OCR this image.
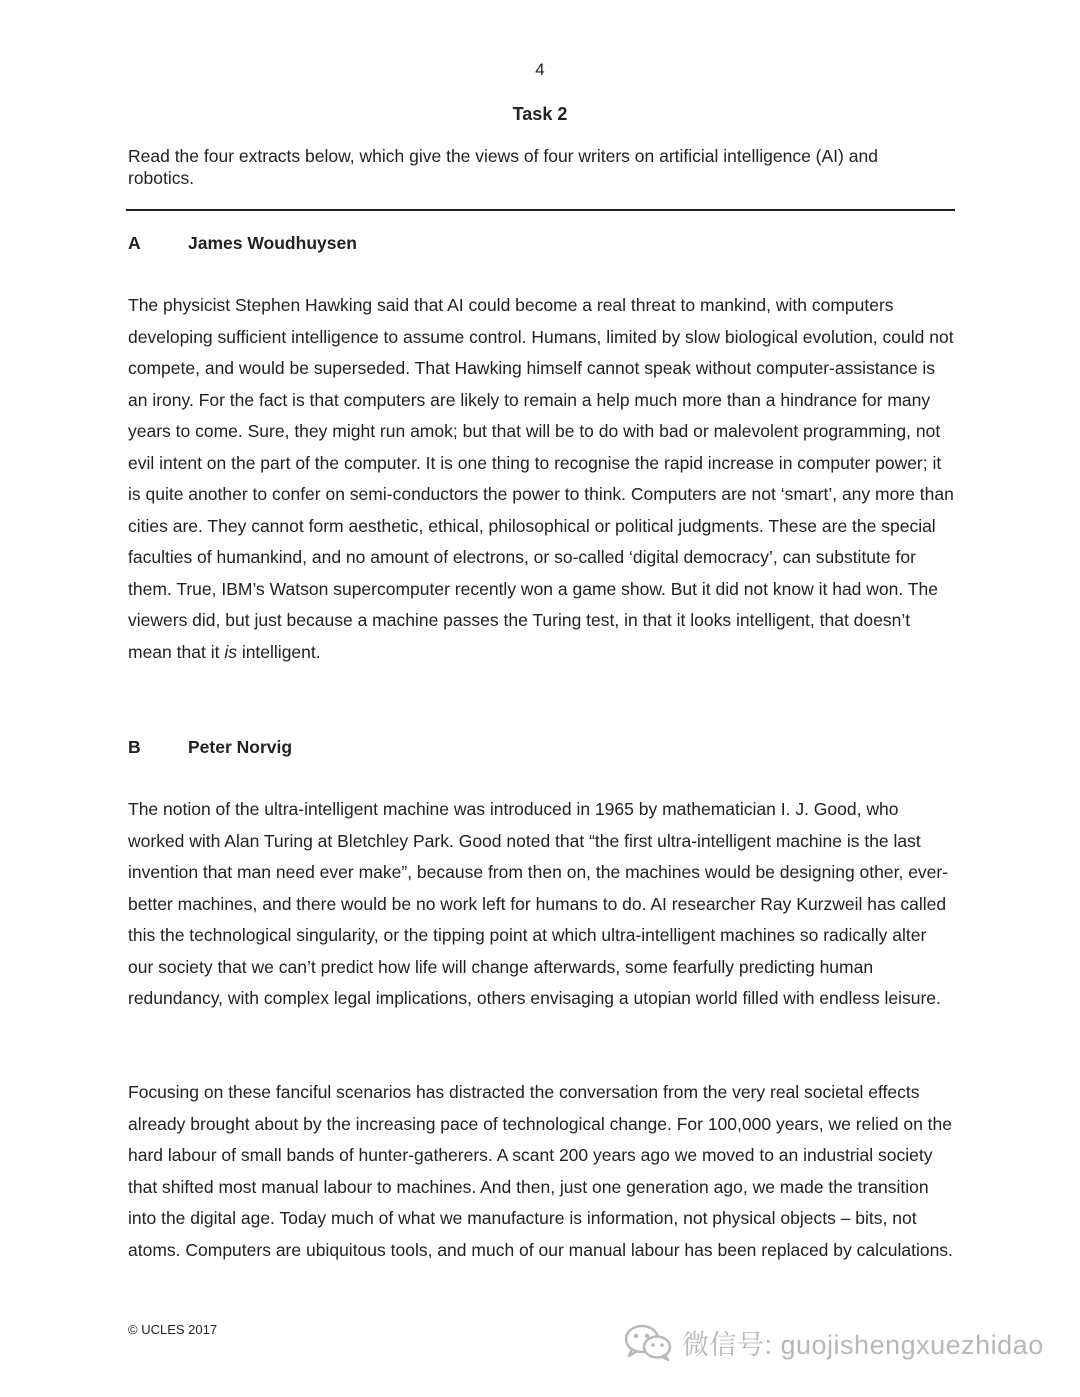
4
Task 2
Read the four extracts below, which give the views of four writers on artificial intelligence (AI) and robotics.
A	James Woudhuysen

The physicist Stephen Hawking said that AI could become a real threat to mankind, with computers developing sufficient intelligence to assume control. Humans, limited by slow biological evolution, could not compete, and would be superseded. That Hawking himself cannot speak without computer-assistance is an irony. For the fact is that computers are likely to remain a help much more than a hindrance for many years to come. Sure, they might run amok; but that will be to do with bad or malevolent programming, not evil intent on the part of the computer. It is one thing to recognise the rapid increase in computer power; it is quite another to confer on semi-conductors the power to think. Computers are not ‘smart’, any more than cities are. They cannot form aesthetic, ethical, philosophical or political judgments. These are the special faculties of humankind, and no amount of electrons, or so-called ‘digital democracy’, can substitute for them. True, IBM’s Watson supercomputer recently won a game show. But it did not know it had won. The viewers did, but just because a machine passes the Turing test, in that it looks intelligent, that doesn’t mean that it is intelligent.

B	Peter Norvig

The notion of the ultra-intelligent machine was introduced in 1965 by mathematician I. J. Good, who worked with Alan Turing at Bletchley Park. Good noted that “the first ultra-intelligent machine is the last invention that man need ever make”, because from then on, the machines would be designing other, ever-better machines, and there would be no work left for humans to do. AI researcher Ray Kurzweil has called this the technological singularity, or the tipping point at which ultra-intelligent machines so radically alter our society that we can’t predict how life will change afterwards, some fearfully predicting human redundancy, with complex legal implications, others envisaging a utopian world filled with endless leisure.

Focusing on these fanciful scenarios has distracted the conversation from the very real societal effects already brought about by the increasing pace of technological change. For 100,000 years, we relied on the hard labour of small bands of hunter-gatherers. A scant 200 years ago we moved to an industrial society that shifted most manual labour to machines. And then, just one generation ago, we made the transition into the digital age. Today much of what we manufacture is information, not physical objects – bits, not atoms. Computers are ubiquitous tools, and much of our manual labour has been replaced by calculations.

© UCLES 2017	微信号: guojishengxuezhidao
